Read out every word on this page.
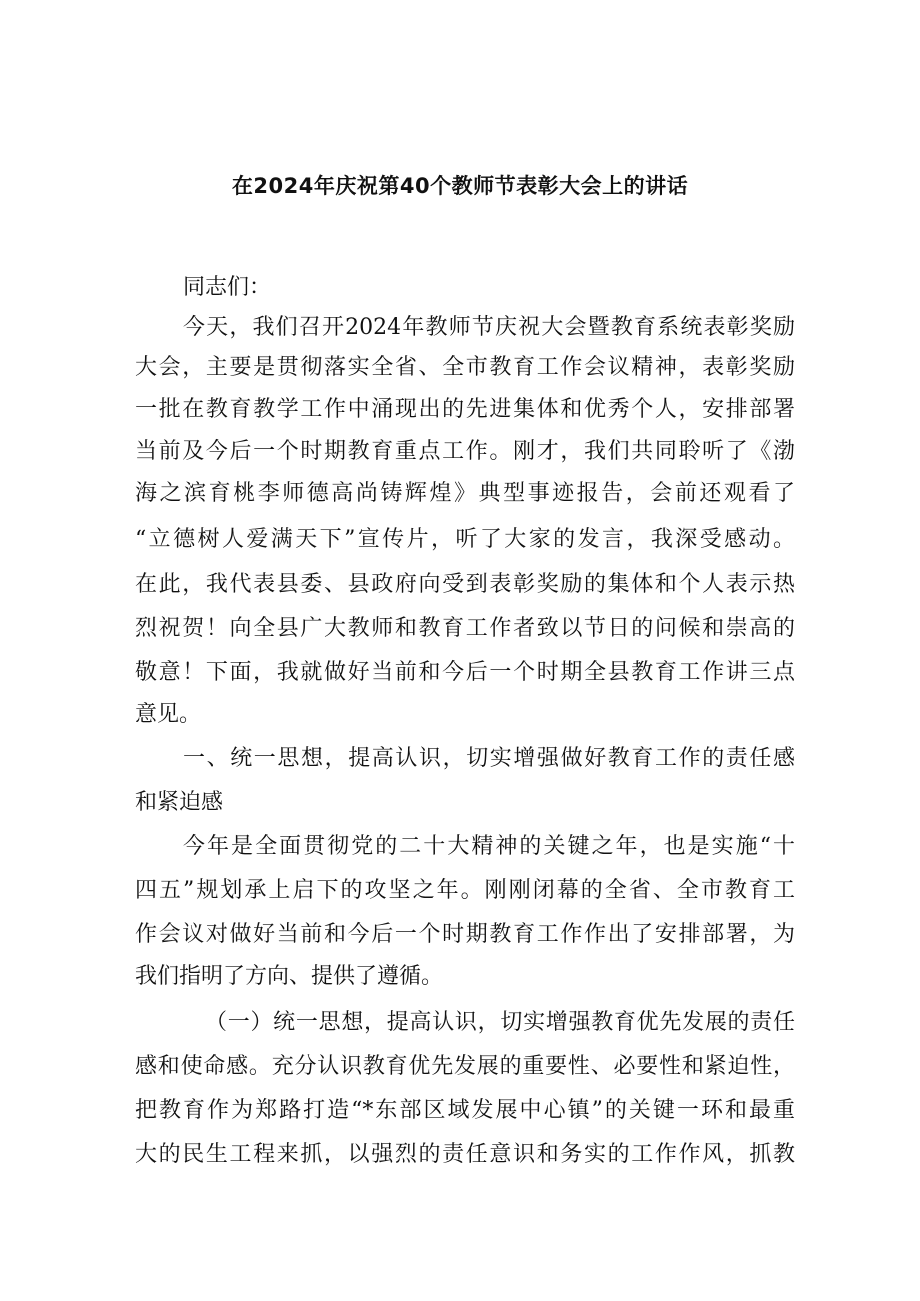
在2024年庆祝第40个教师节表彰大会上的讲话
同志们：
今天，我们召开2024年教师节庆祝大会暨教育系统表彰奖励
大会，主要是贯彻落实全省、全市教育工作会议精神，表彰奖励
一批在教育教学工作中涌现出的先进集体和优秀个人，安排部署
当前及今后一个时期教育重点工作。刚才，我们共同聆听了《渤
海之滨育桃李师德高尚铸辉煌》典型事迹报告，会前还观看了
“立德树人爱满天下”宣传片，听了大家的发言，我深受感动。
在此，我代表县委、县政府向受到表彰奖励的集体和个人表示热
烈祝贺！向全县广大教师和教育工作者致以节日的问候和崇高的
敬意！下面，我就做好当前和今后一个时期全县教育工作讲三点
意见。
一、统一思想，提高认识，切实增强做好教育工作的责任感
和紧迫感
今年是全面贯彻党的二十大精神的关键之年，也是实施“十
四五”规划承上启下的攻坚之年。刚刚闭幕的全省、全市教育工
作会议对做好当前和今后一个时期教育工作作出了安排部署，为
我们指明了方向、提供了遵循。
（一）统一思想，提高认识，切实增强教育优先发展的责任
感和使命感。充分认识教育优先发展的重要性、必要性和紧迫性，
把教育作为郑路打造“*东部区域发展中心镇”的关键一环和最重
大的民生工程来抓，以强烈的责任意识和务实的工作作风，抓教
